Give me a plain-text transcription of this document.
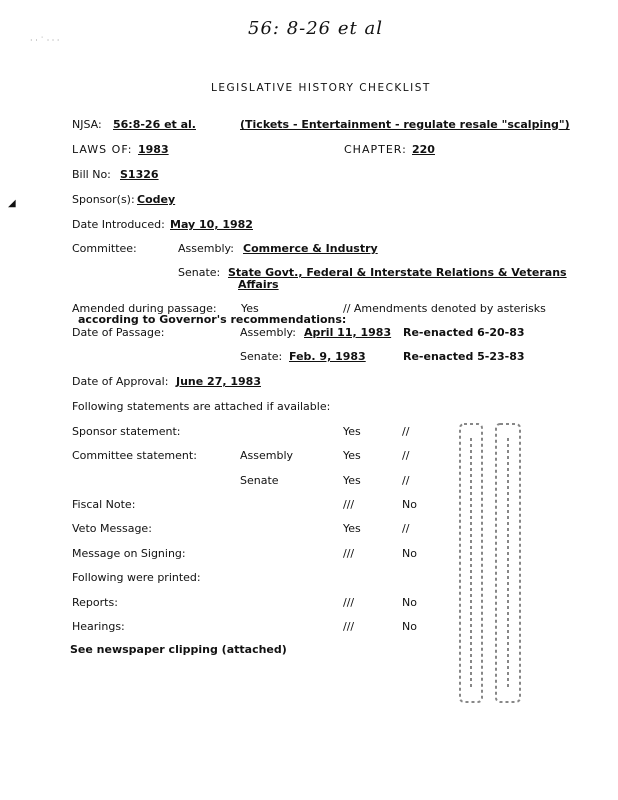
56: 8-26 et al
· · ˙ · · ·
◢
LEGISLATIVE HISTORY CHECKLIST
NJSA: 56:8-26 et al.	(Tickets - Entertainment - regulate resale "scalping")
LAWS OF: 1983	CHAPTER: 220
Bill No: S1326
Sponsor(s): Codey
Date Introduced: May 10, 1982
Committee:	Assembly: Commerce & Industry
Senate: State Govt., Federal & Interstate Relations & Veterans
Affairs
Amended during passage: Yes	// Amendments denoted by asterisks
according to Governor's recommendations:
Date of Passage:	Assembly: April 11, 1983 Re-enacted 6-20-83
Senate: Feb. 9, 1983	Re-enacted 5-23-83
Date of Approval: June 27, 1983
Following statements are attached if available:
Sponsor statement:	Yes	//
Committee statement:	Assembly	Yes	//
Senate	Yes	//
Fiscal Note:	///	No
Veto Message:	Yes	//
Message on Signing:	///	No
Following were printed:
Reports:	///	No
Hearings:	///	No
See newspaper clipping (attached)
